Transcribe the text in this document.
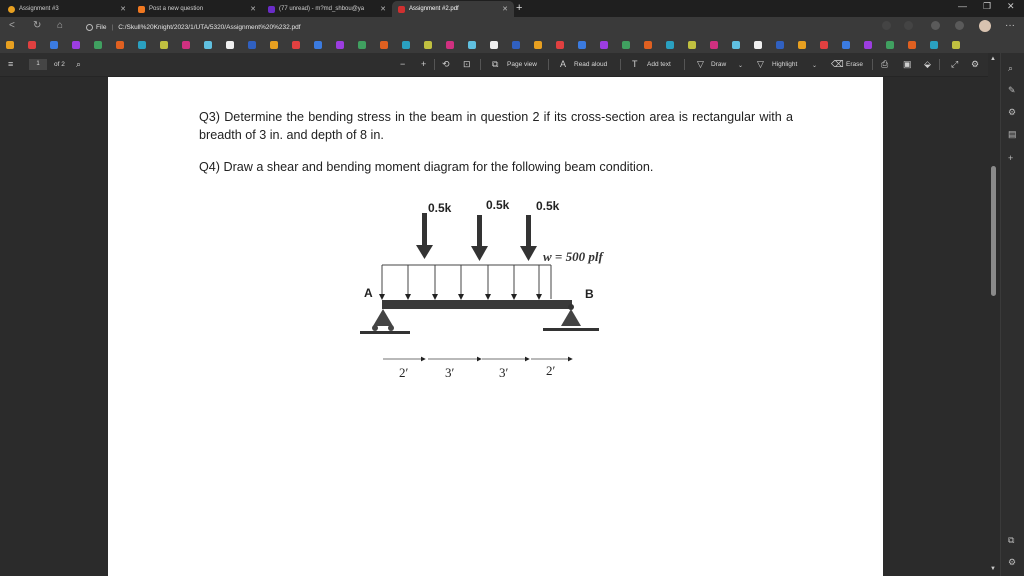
Assignment #3	✕	Post a new question	✕	(77 unread) - m?md_shbou@ya ✕	Assignment #2.pdf	✕ +	— ❐ ✕
< ↻ ⌂	File | C:/Skull%20Knight/2023/1/UTA/5320/Assignment%20%232.pdf	···
≡	1	of 2 ⌕	− + ⟲ ⊡ ⧉ Page view	A Read aloud	T Add text	▽ Draw ⌄ ▽ Highlight ⌄ ⌫ Erase ⎙ ▣ ⬙ ⤢ ⚙
Q3) Determine the bending stress in the beam in question 2 if its cross-section area is rectangular with a breadth of 3 in. and depth of 8 in.
Q4) Draw a shear and bending moment diagram for the following beam condition.
0.5k	0.5k 0.5k
w = 500 plf
A	B
2′	3′	3′	2′
▲
▼
⌕
✎
⚙
▤
+
⧉
⚙
